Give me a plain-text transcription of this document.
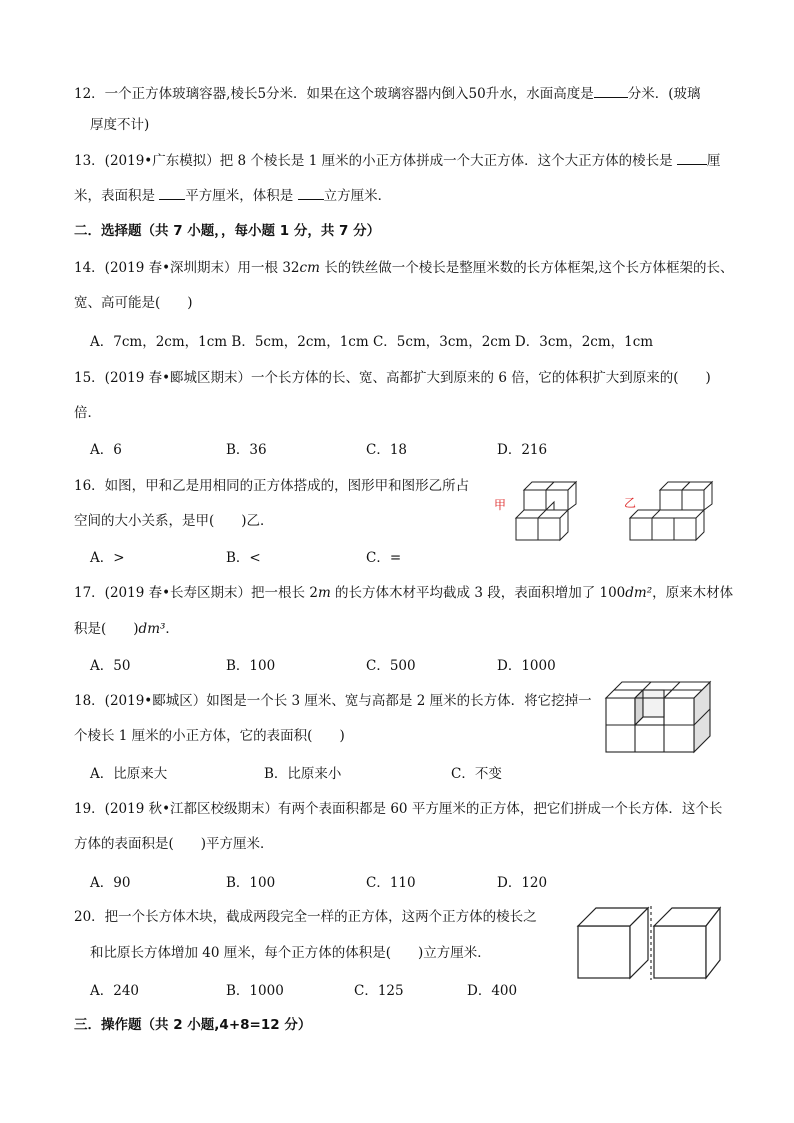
12．一个正方体玻璃容器,棱长5分米．如果在这个玻璃容器内倒入50升水，水面高度是	分米．(玻璃
厚度不计)
13．(2019•广东模拟）把 8 个棱长是 1 厘米的小正方体拼成一个大正方体．这个大正方体的棱长是	厘
米，表面积是 平方厘米，体积是 立方厘米．
二．选择题（共 7 小题，，每小题 1 分，共 7 分）
14．(2019 春•深圳期末）用一根 32cm 长的铁丝做一个棱长是整厘米数的长方体框架,这个长方体框架的长、
宽、高可能是(　　)
A．7cm，2cm，1cm B．5cm，2cm，1cm C．5cm，3cm，2cm D．3cm，2cm，1cm
15．(2019 春•郾城区期末）一个长方体的长、宽、高都扩大到原来的 6 倍，它的体积扩大到原来的(　　)
倍．
A．6	B．36	C．18	D．216
16．如图，甲和乙是用相同的正方体搭成的，图形甲和图形乙所占
空间的大小关系，是甲(　　)乙．
A．>	B．<	C．=
甲	乙
17．(2019 春•长寿区期末）把一根长 2m 的长方体木材平均截成 3 段，表面积增加了 100dm²，原来木材体
积是(　　)dm³．
A．50	B．100	C．500	D．1000
18．(2019•郾城区）如图是一个长 3 厘米、宽与高都是 2 厘米的长方体．将它挖掉一
个棱长 1 厘米的小正方体，它的表面积(　　)
A．比原来大	B．比原来小	C．不变
19．(2019 秋•江都区校级期末）有两个表面积都是 60 平方厘米的正方体，把它们拼成一个长方体．这个长
方体的表面积是(　　)平方厘米．
A．90	B．100	C．110	D．120
20．把一个长方体木块，截成两段完全一样的正方体，这两个正方体的棱长之
和比原长方体增加 40 厘米，每个正方体的体积是(　　)立方厘米．
A．240	B．1000	C．125	D．400
三．操作题（共 2 小题,4+8=12 分）
